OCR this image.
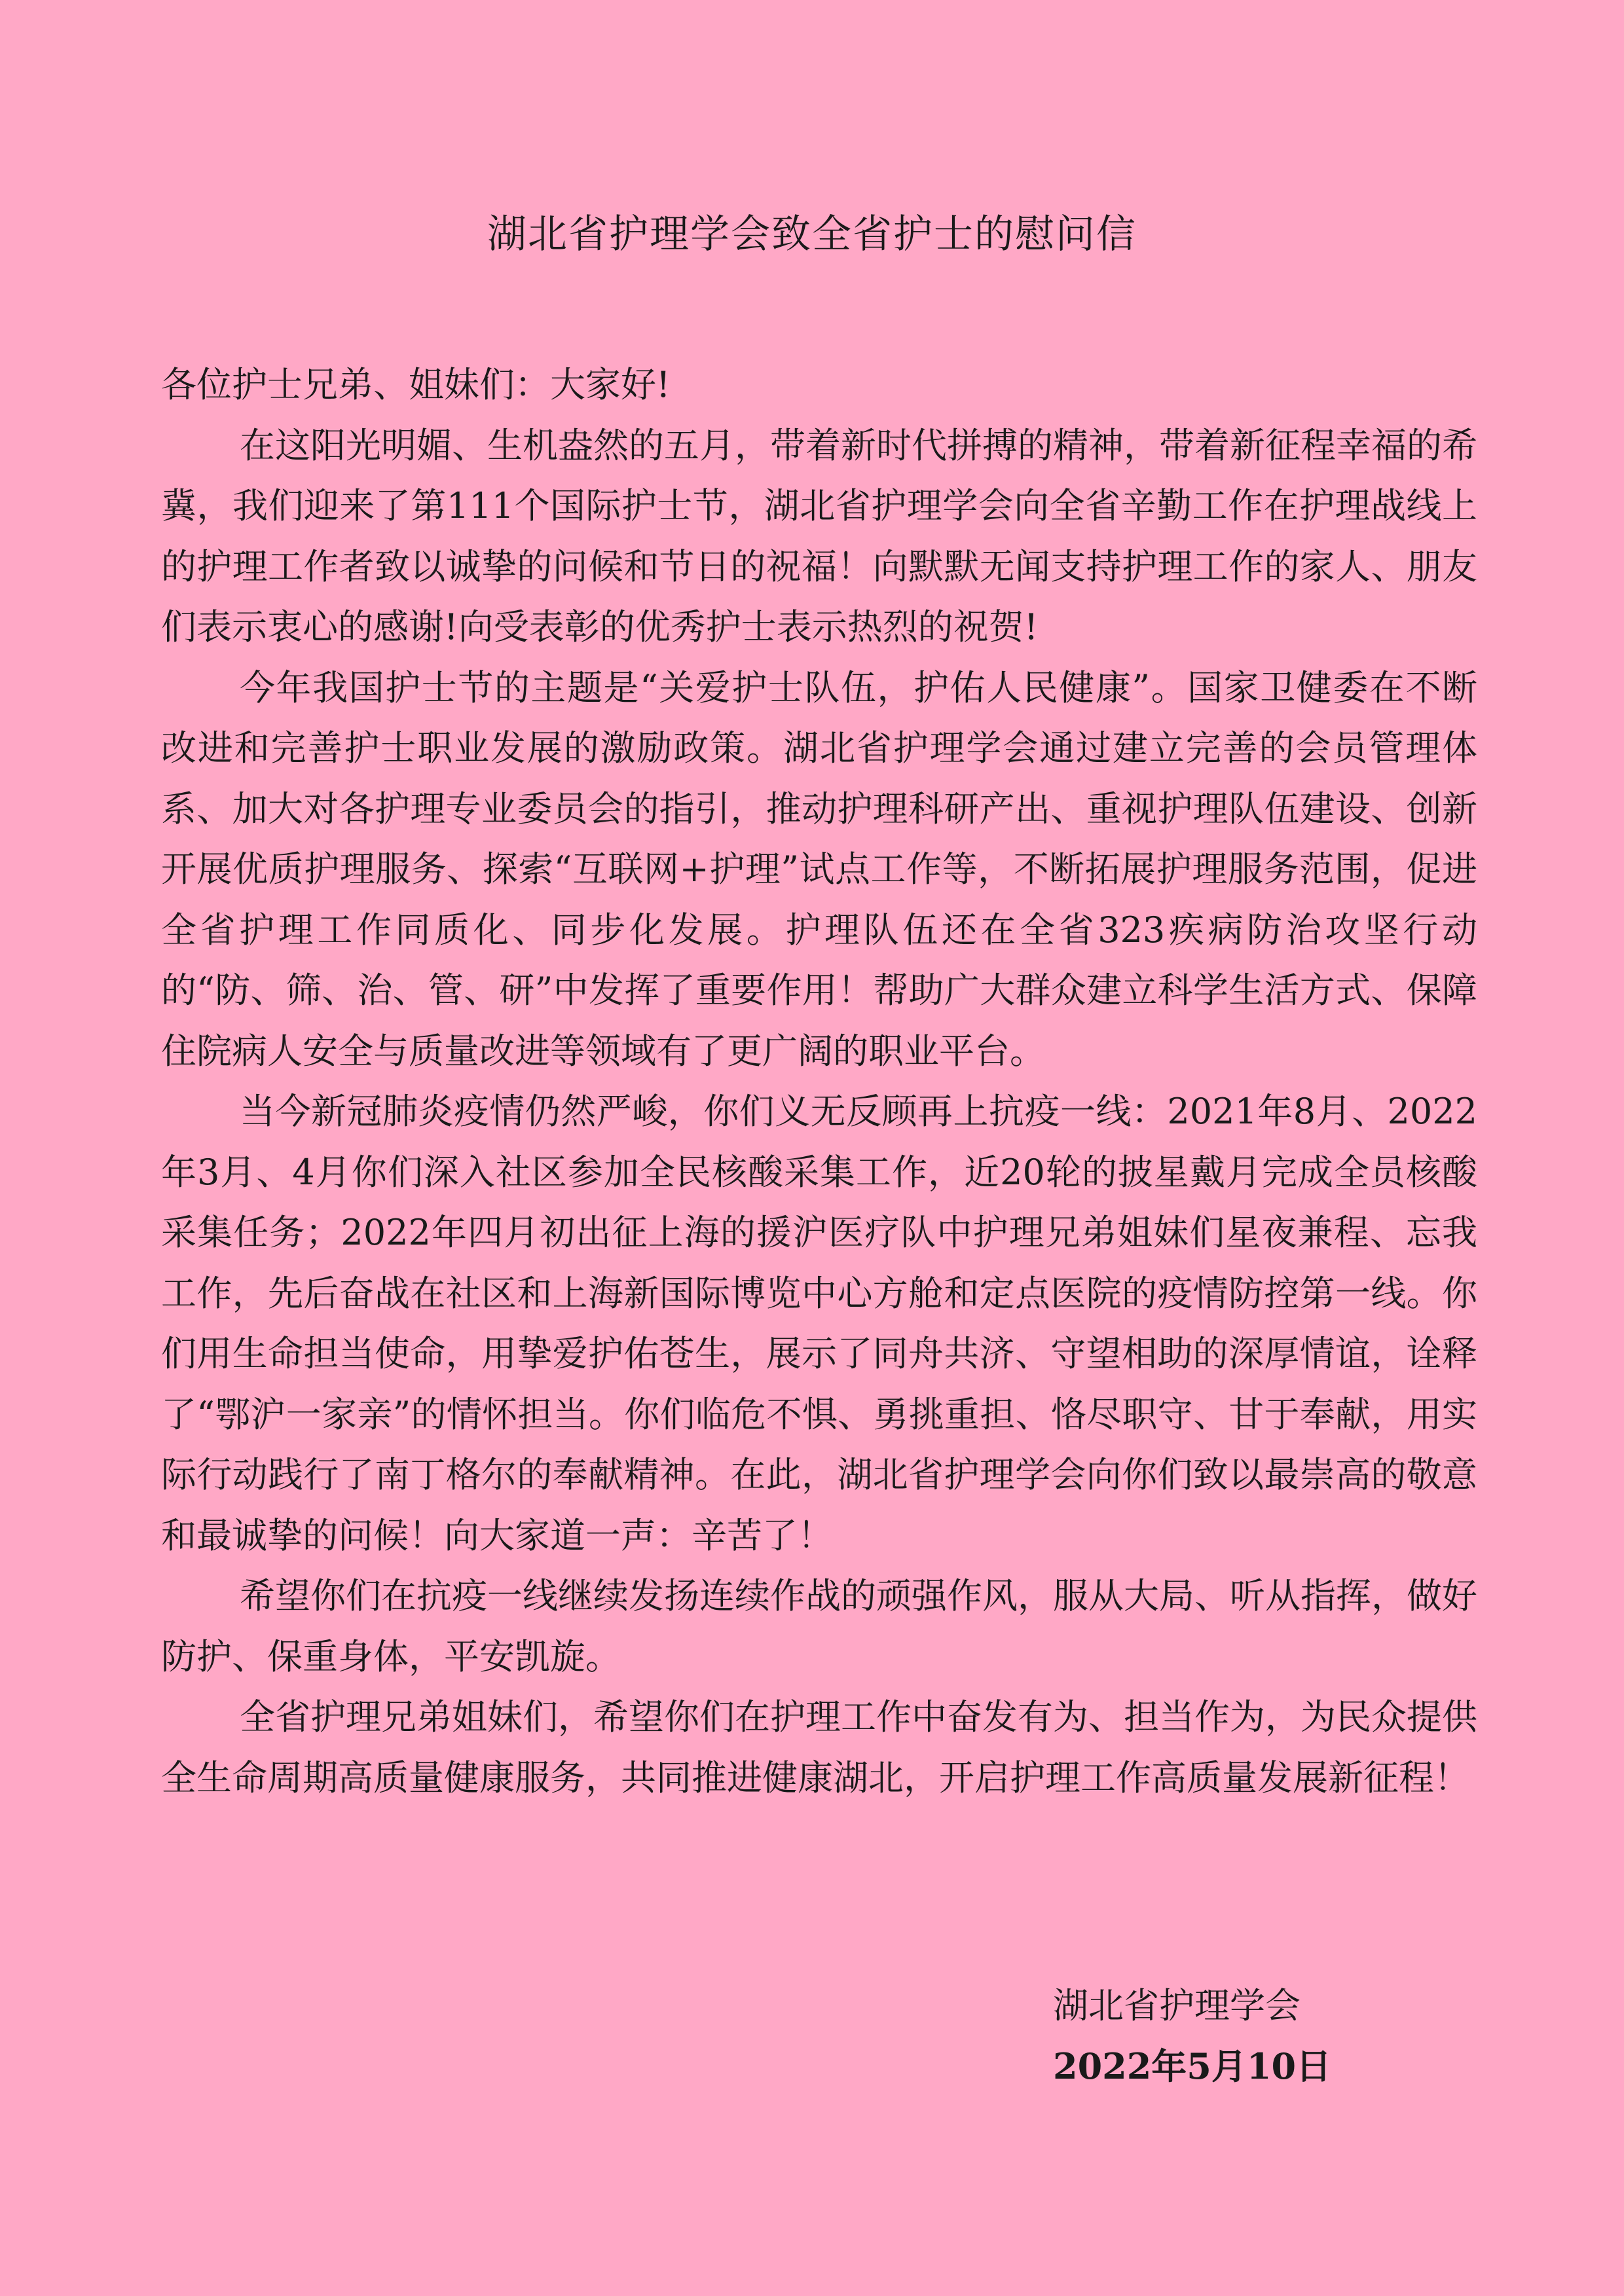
湖北省护理学会致全省护士的慰问信

各位护士兄弟、姐妹们：大家好!

在这阳光明媚、生机盎然的五月，带着新时代拼搏的精神，带着新征程幸福的希冀，我们迎来了第111个国际护士节，湖北省护理学会向全省辛勤工作在护理战线上的护理工作者致以诚挚的问候和节日的祝福！向默默无闻支持护理工作的家人、朋友们表示衷心的感谢!向受表彰的优秀护士表示热烈的祝贺!

今年我国护士节的主题是“关爱护士队伍，护佑人民健康”。国家卫健委在不断改进和完善护士职业发展的激励政策。湖北省护理学会通过建立完善的会员管理体系、加大对各护理专业委员会的指引，推动护理科研产出、重视护理队伍建设、创新开展优质护理服务、探索“互联网+护理”试点工作等，不断拓展护理服务范围，促进全省护理工作同质化、同步化发展。护理队伍还在全省323疾病防治攻坚行动的“防、筛、治、管、研”中发挥了重要作用！帮助广大群众建立科学生活方式、保障住院病人安全与质量改进等领域有了更广阔的职业平台。

当今新冠肺炎疫情仍然严峻，你们义无反顾再上抗疫一线：2021年8月、2022年3月、4月你们深入社区参加全民核酸采集工作，近20轮的披星戴月完成全员核酸采集任务；2022年四月初出征上海的援沪医疗队中护理兄弟姐妹们星夜兼程、忘我工作，先后奋战在社区和上海新国际博览中心方舱和定点医院的疫情防控第一线。你们用生命担当使命，用挚爱护佑苍生，展示了同舟共济、守望相助的深厚情谊，诠释了“鄂沪一家亲”的情怀担当。你们临危不惧、勇挑重担、恪尽职守、甘于奉献，用实际行动践行了南丁格尔的奉献精神。在此，湖北省护理学会向你们致以最崇高的敬意和最诚挚的问候！向大家道一声：辛苦了！

希望你们在抗疫一线继续发扬连续作战的顽强作风，服从大局、听从指挥，做好防护、保重身体，平安凯旋。

全省护理兄弟姐妹们，希望你们在护理工作中奋发有为、担当作为，为民众提供全生命周期高质量健康服务，共同推进健康湖北，开启护理工作高质量发展新征程！

湖北省护理学会
2022年5月10日
